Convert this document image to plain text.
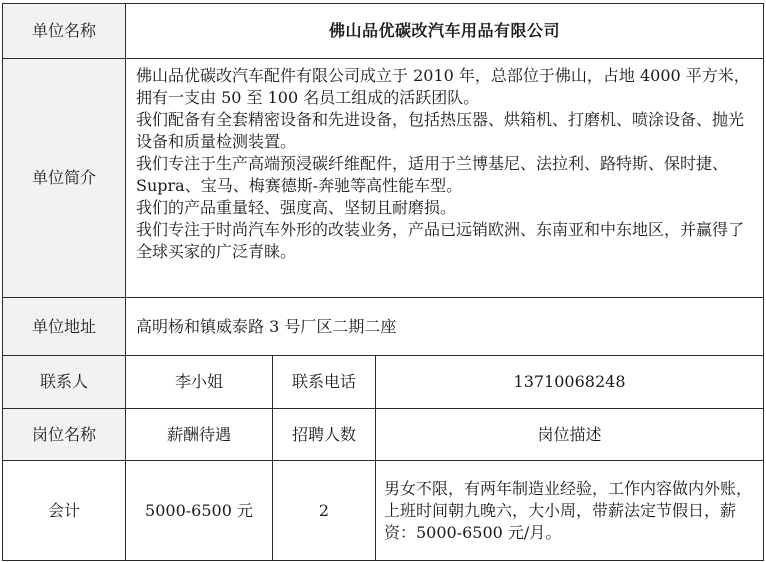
单位名称	佛山品优碳改汽车用品有限公司		
单位简介	佛山品优碳改汽车配件有限公司成立于 2010 年，总部位于佛山，占地 4000 平方米，拥有一支由 50 至 100 名员工组成的活跃团队。

我们配备有全套精密设备和先进设备，包括热压器、烘箱机、打磨机、喷涂设备、抛光设备和质量检测装置。

我们专注于生产高端预浸碳纤维配件，适用于兰博基尼、法拉利、路特斯、保时捷、Supra、宝马、梅赛德斯-奔驰等高性能车型。

我们的产品重量轻、强度高、坚韧且耐磨损。

我们专注于时尚汽车外形的改装业务，产品已远销欧洲、东南亚和中东地区，并赢得了全球买家的广泛青睐。		

单位地址	高明杨和镇威泰路 3 号厂区二期二座		
联系人	李小姐	联系电话	13710068248
岗位名称	薪酬待遇	招聘人数	岗位描述
会计	5000-6500 元	2	男女不限，有两年制造业经验，工作内容做内外账，上班时间朝九晚六，大小周，带薪法定节假日，薪资：5000-6500 元/月。
